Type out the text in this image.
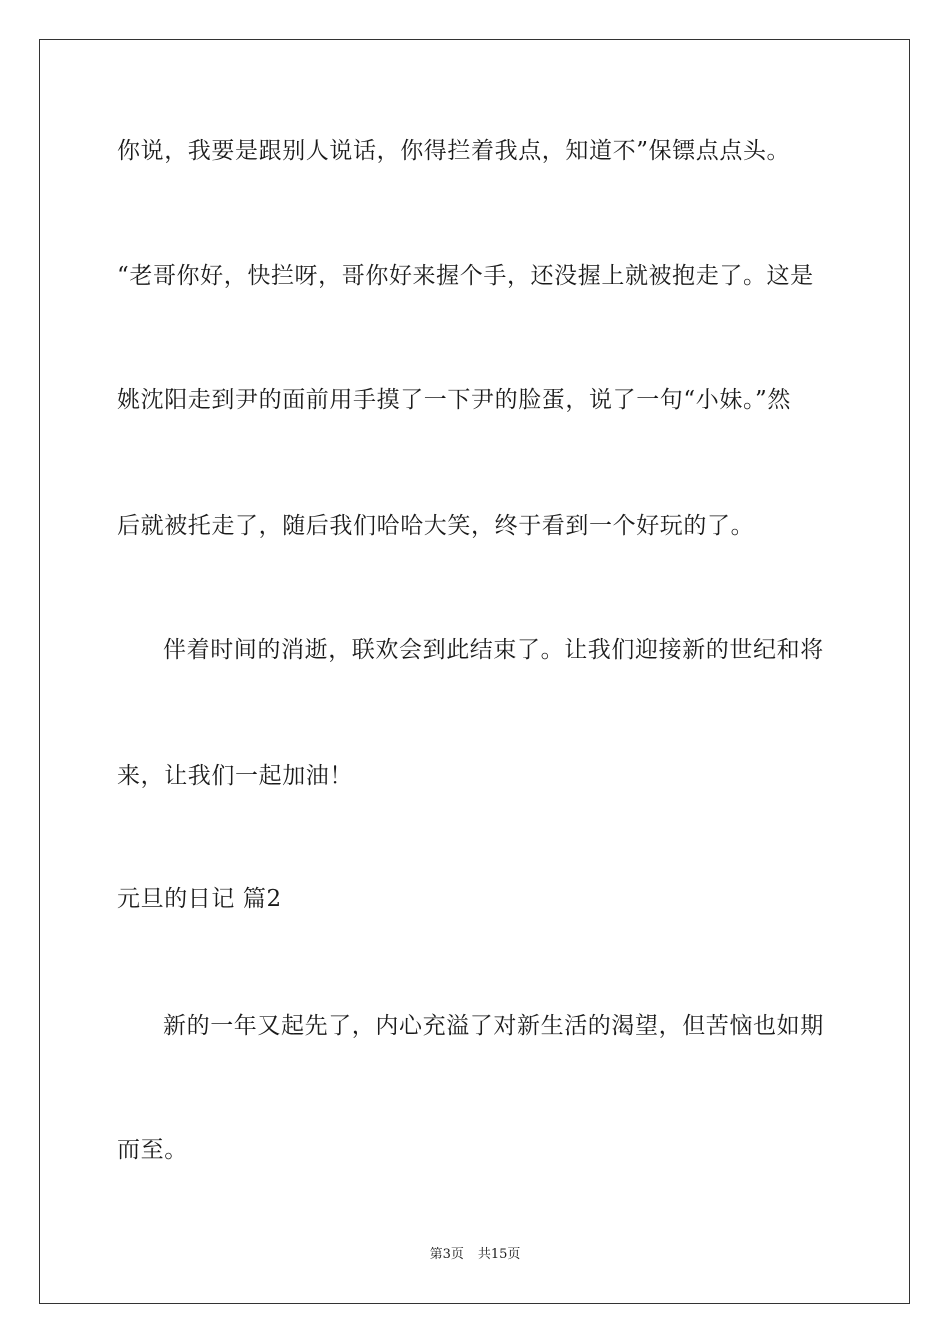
你说，我要是跟别人说话，你得拦着我点，知道不”保镖点点头。
“老哥你好，快拦呀，哥你好来握个手，还没握上就被抱走了。这是
姚沈阳走到尹的面前用手摸了一下尹的脸蛋，说了一句“小妹。”然
后就被托走了，随后我们哈哈大笑，终于看到一个好玩的了。
伴着时间的消逝，联欢会到此结束了。让我们迎接新的世纪和将
来，让我们一起加油！
元旦的日记 篇2
新的一年又起先了，内心充溢了对新生活的渴望，但苦恼也如期
而至。
第3页 共15页
